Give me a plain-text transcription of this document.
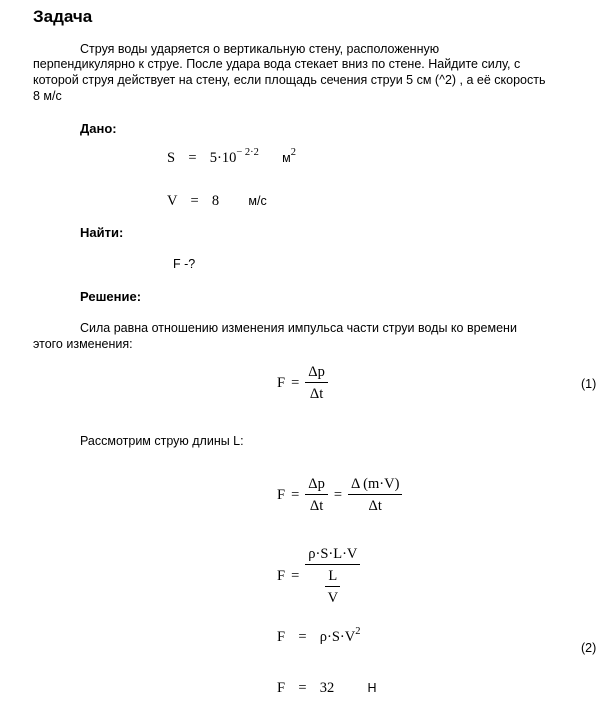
Задача
Струя воды ударяется о вертикальную стену, расположенную
перпендикулярно к струе. После удара вода стекает вниз по стене. Найдите силу, с
которой струя действует на стену, если площадь сечения струи 5 см (^2) , а её скорость
8 м/с
Дано:
$S = 5\cdot 10^{- 2\cdot 2}$ $м^2$
V = 8 м/с
Найти:
F -?
Решение:
Сила равна отношению изменения импульса части струи воды ко времени
этого изменения:
$F = \frac{\Delta p}{\Delta t}$	(1)
Рассмотрим струю длины L:
$F = \frac{\Delta p}{\Delta t} = \frac{\Delta (m\cdot V)}{\Delta t}$
$F = \frac{\rho\cdot S\cdot L\cdot V}{\frac{L}{V}}$
$F = \rho\cdot S\cdot V^2$
(2)
F = 32	Н
